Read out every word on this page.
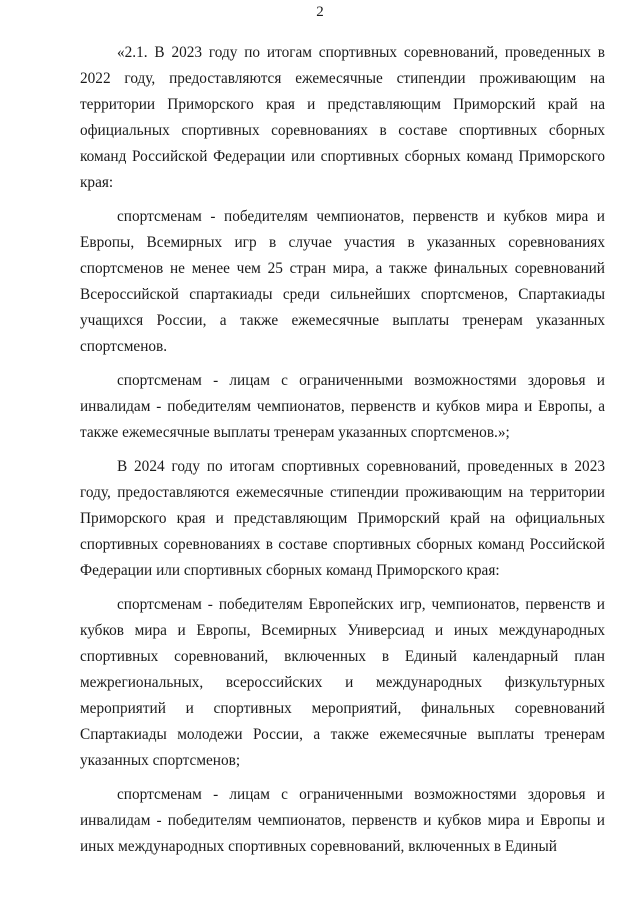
2

«2.1. В 2023 году по итогам спортивных соревнований, проведенных в 2022 году, предоставляются ежемесячные стипендии проживающим на территории Приморского края и представляющим Приморский край на официальных спортивных соревнованиях в составе спортивных сборных команд Российской Федерации или спортивных сборных команд Приморского края:

спортсменам - победителям чемпионатов, первенств и кубков мира и Европы, Всемирных игр в случае участия в указанных соревнованиях спортсменов не менее чем 25 стран мира, а также финальных соревнований Всероссийской спартакиады среди сильнейших спортсменов, Спартакиады учащихся России, а также ежемесячные выплаты тренерам указанных спортсменов.

спортсменам - лицам с ограниченными возможностями здоровья и инвалидам - победителям чемпионатов, первенств и кубков мира и Европы, а также ежемесячные выплаты тренерам указанных спортсменов.»;

В 2024 году по итогам спортивных соревнований, проведенных в 2023 году, предоставляются ежемесячные стипендии проживающим на территории Приморского края и представляющим Приморский край на официальных спортивных соревнованиях в составе спортивных сборных команд Российской Федерации или спортивных сборных команд Приморского края:

спортсменам - победителям Европейских игр, чемпионатов, первенств и кубков мира и Европы, Всемирных Универсиад и иных международных спортивных соревнований, включенных в Единый календарный план межрегиональных, всероссийских и международных физкультурных мероприятий и спортивных мероприятий, финальных соревнований Спартакиады молодежи России, а также ежемесячные выплаты тренерам указанных спортсменов;

спортсменам - лицам с ограниченными возможностями здоровья и инвалидам - победителям чемпионатов, первенств и кубков мира и Европы и иных международных спортивных соревнований, включенных в Единый
